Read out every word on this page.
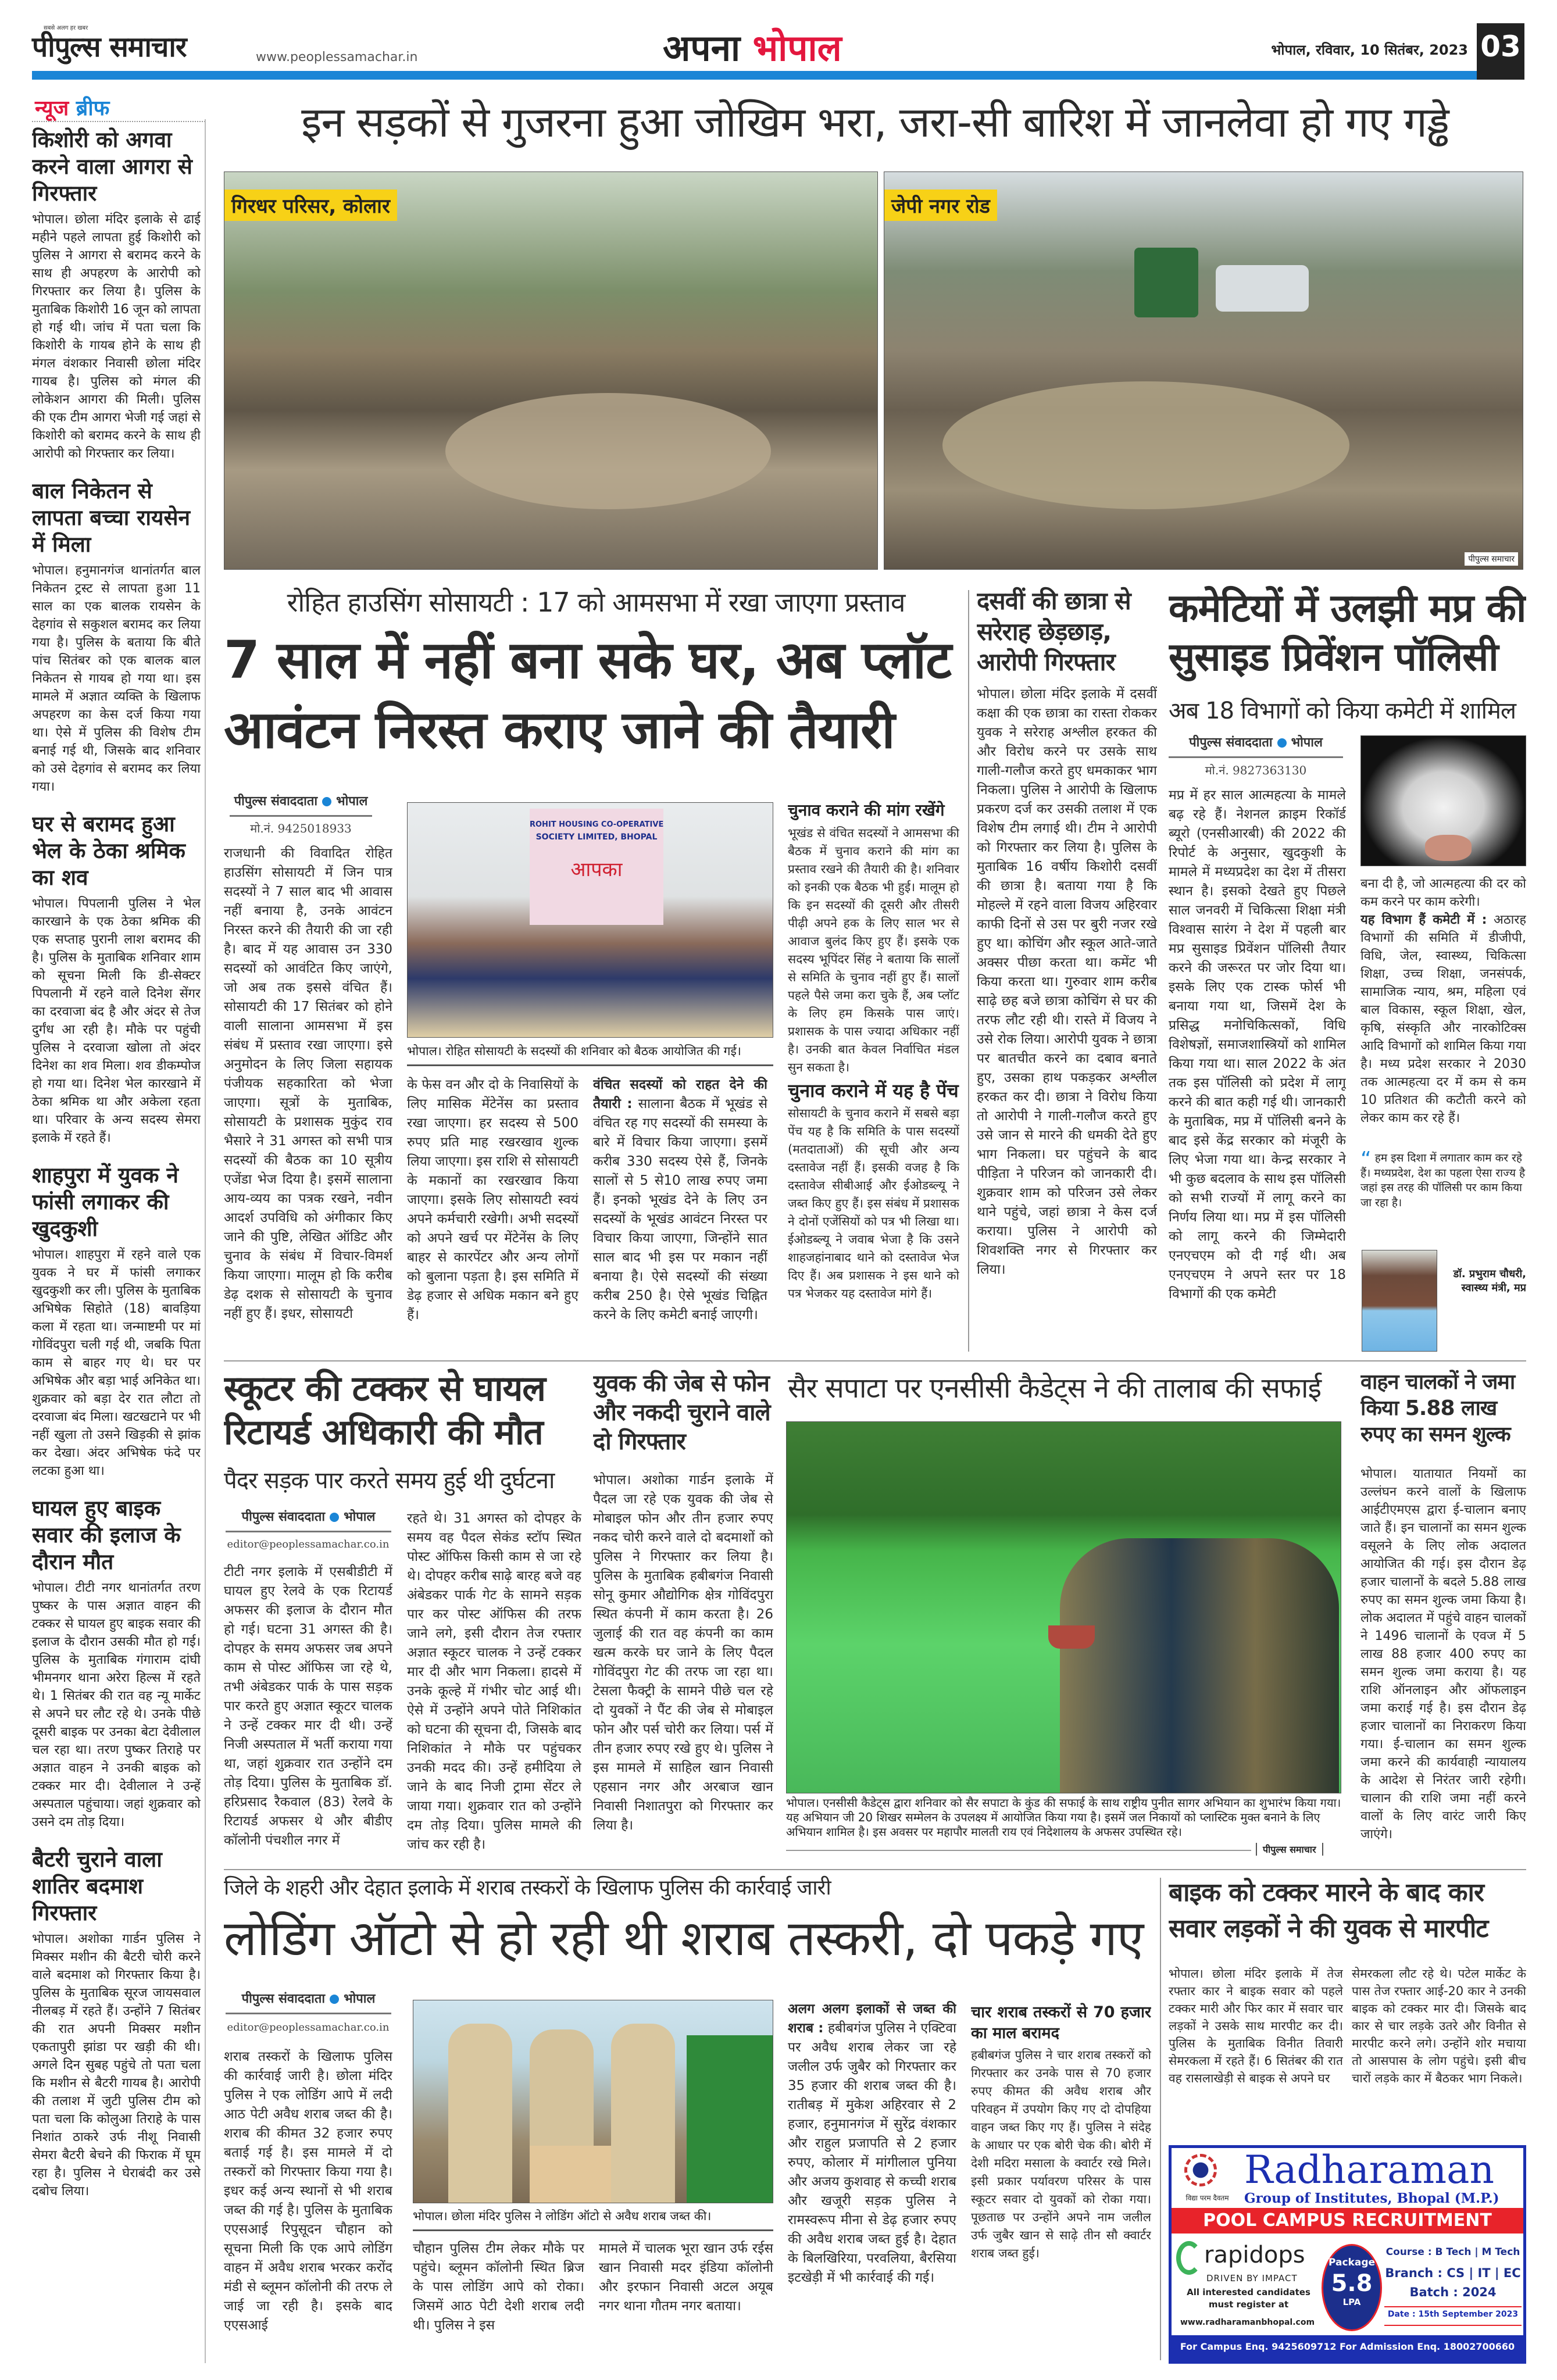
सबसे अलग हर खबर
पीपुल्स समाचार	www.peoplessamachar.in	अपना भोपाल	भोपाल, रविवार, 10 सितंबर, 2023 03
न्यूज ब्रीफ
किशोरी को अगवा करने वाला आगरा से गिरफ्तार
भोपाल। छोला मंदिर इलाके से ढाई महीने पहले लापता हुई किशोरी को पुलिस ने आगरा से बरामद करने के साथ ही अपहरण के आरोपी को गिरफ्तार कर लिया है। पुलिस के मुताबिक किशोरी 16 जून को लापता हो गई थी। जांच में पता चला कि किशोरी के गायब होने के साथ ही मंगल वंशकार निवासी छोला मंदिर गायब है। पुलिस को मंगल की लोकेशन आगरा की मिली। पुलिस की एक टीम आगरा भेजी गई जहां से किशोरी को बरामद करने के साथ ही आरोपी को गिरफ्तार कर लिया।
बाल निकेतन से लापता बच्चा रायसेन में मिला
भोपाल। हनुमानगंज थानांतर्गत बाल निकेतन ट्रस्ट से लापता हुआ 11 साल का एक बालक रायसेन के देहगांव से सकुशल बरामद कर लिया गया है। पुलिस के बताया कि बीते पांच सितंबर को एक बालक बाल निकेतन से गायब हो गया था। इस मामले में अज्ञात व्यक्ति के खिलाफ अपहरण का केस दर्ज किया गया था। ऐसे में पुलिस की विशेष टीम बनाई गई थी, जिसके बाद शनिवार को उसे देहगांव से बरामद कर लिया गया।
घर से बरामद हुआ भेल के ठेका श्रमिक का शव
भोपाल। पिपलानी पुलिस ने भेल कारखाने के एक ठेका श्रमिक की एक सप्ताह पुरानी लाश बरामद की है। पुलिस के मुताबिक शनिवार शाम को सूचना मिली कि डी-सेक्टर पिपलानी में रहने वाले दिनेश सेंगर का दरवाजा बंद है और अंदर से तेज दुर्गंध आ रही है। मौके पर पहुंची पुलिस ने दरवाजा खोला तो अंदर दिनेश का शव मिला। शव डीकम्पोज हो गया था। दिनेश भेल कारखाने में ठेका श्रमिक था और अकेला रहता था। परिवार के अन्य सदस्य सेमरा इलाके में रहते हैं।
शाहपुरा में युवक ने फांसी लगाकर की खुदकुशी
भोपाल। शाहपुरा में रहने वाले एक युवक ने घर में फांसी लगाकर खुदकुशी कर ली। पुलिस के मुताबिक अभिषेक सिहोते (18) बावड़िया कला में रहता था। जन्माष्टमी पर मां गोविंदपुरा चली गई थी, जबकि पिता काम से बाहर गए थे। घर पर अभिषेक और बड़ा भाई अनिकेत था। शुक्रवार को बड़ा देर रात लौटा तो दरवाजा बंद मिला। खटखटाने पर भी नहीं खुला तो उसने खिड़की से झांक कर देखा। अंदर अभिषेक फंदे पर लटका हुआ था।
घायल हुए बाइक सवार की इलाज के दौरान मौत
भोपाल। टीटी नगर थानांतर्गत तरण पुष्कर के पास अज्ञात वाहन की टक्कर से घायल हुए बाइक सवार की इलाज के दौरान उसकी मौत हो गई। पुलिस के मुताबिक गंगाराम दांघी भीमनगर थाना अरेरा हिल्स में रहते थे। 1 सितंबर की रात वह न्यू मार्केट से अपने घर लौट रहे थे। उनके पीछे दूसरी बाइक पर उनका बेटा देवीलाल चल रहा था। तरण पुष्कर तिराहे पर अज्ञात वाहन ने उनकी बाइक को टक्कर मार दी। देवीलाल ने उन्हें अस्पताल पहुंचाया। जहां शुक्रवार को उसने दम तोड़ दिया।
बैटरी चुराने वाला शातिर बदमाश गिरफ्तार
भोपाल। अशोका गार्डन पुलिस ने मिक्सर मशीन की बैटरी चोरी करने वाले बदमाश को गिरफ्तार किया है। पुलिस के मुताबिक सूरज जायसवाल नीलबड़ में रहते हैं। उन्होंने 7 सितंबर की रात अपनी मिक्सर मशीन एकतापुरी झांडा पर खड़ी की थी। अगले दिन सुबह पहुंचे तो पता चला कि मशीन से बैटरी गायब है। आरोपी की तलाश में जुटी पुलिस टीम को पता चला कि कोलुआ तिराहे के पास निशांत ठाकरे उर्फ नीशू निवासी सेमरा बैटरी बेचने की फिराक में घूम रहा है। पुलिस ने घेराबंदी कर उसे दबोच लिया।
इन सड़कों से गुजरना हुआ जोखिम भरा, जरा-सी बारिश में जानलेवा हो गए गड्ढे
गिरधर परिसर, कोलार	जेपी नगर रोड
पीपुल्स समाचार
रोहित हाउसिंग सोसायटी : 17 को आमसभा में रखा जाएगा प्रस्ताव
7 साल में नहीं बना सके घर, अब प्लॉट आवंटन निरस्त कराए जाने की तैयारी
पीपुल्स संवाददाता भोपाल
मो.नं. 9425018933
राजधानी की विवादित रोहित हाउसिंग सोसायटी में जिन पात्र सदस्यों ने 7 साल बाद भी आवास नहीं बनाया है, उनके आवंटन निरस्त करने की तैयारी की जा रही है। बाद में यह आवास उन 330 सदस्यों को आवंटित किए जाएंगे, जो अब तक इससे वंचित हैं। सोसायटी की 17 सितंबर को होने वाली सालाना आमसभा में इस संबंध में प्रस्ताव रखा जाएगा। इसे अनुमोदन के लिए जिला सहायक पंजीयक सहकारिता को भेजा जाएगा। सूत्रों के मुताबिक, सोसायटी के प्रशासक मुकुंद राव भैसारे ने 31 अगस्त को सभी पात्र सदस्यों की बैठक का 10 सूत्रीय एजेंडा भेज दिया है। इसमें सालाना आय-व्यय का पत्रक रखने, नवीन आदर्श उपविधि को अंगीकार किए जाने की पुष्टि, लेखित ऑडिट और चुनाव के संबंध में विचार-विमर्श किया जाएगा। मालूम हो कि करीब डेढ़ दशक से सोसायटी के चुनाव नहीं हुए हैं। इधर, सोसायटी
ROHIT HOUSING CO-OPERATIVE
SOCIETY LIMITED, BHOPAL
आपका
भोपाल। रोहित सोसायटी के सदस्यों की शनिवार को बैठक आयोजित की गई।
के फेस वन और दो के निवासियों के लिए मासिक मेंटेनेंस का प्रस्ताव रखा जाएगा। हर सदस्य से 500 रुपए प्रति माह रखरखाव शुल्क लिया जाएगा। इस राशि से सोसायटी के मकानों का रखरखाव किया जाएगा। इसके लिए सोसायटी स्वयं अपने कर्मचारी रखेगी। अभी सदस्यों को अपने खर्च पर मेंटेनेंस के लिए बाहर से कारपेंटर और अन्य लोगों को बुलाना पड़ता है। इस समिति में डेढ़ हजार से अधिक मकान बने हुए हैं।
वंचित सदस्यों को राहत देने की तैयारी : सालाना बैठक में भूखंड से वंचित रह गए सदस्यों की समस्या के बारे में विचार किया जाएगा। इसमें करीब 330 सदस्य ऐसे हैं, जिनके सालों से 5 से10 लाख रुपए जमा हैं। इनको भूखंड देने के लिए उन सदस्यों के भूखंड आवंटन निरस्त पर विचार किया जाएगा, जिन्होंने सात साल बाद भी इस पर मकान नहीं बनाया है। ऐसे सदस्यों की संख्या करीब 250 है। ऐसे भूखंड चिह्नित करने के लिए कमेटी बनाई जाएगी।
चुनाव कराने की मांग रखेंगे
भूखंड से वंचित सदस्यों ने आमसभा की बैठक में चुनाव कराने की मांग का प्रस्ताव रखने की तैयारी की है। शनिवार को इनकी एक बैठक भी हुई। मालूम हो कि इन सदस्यों की दूसरी और तीसरी पीढ़ी अपने हक के लिए साल भर से आवाज बुलंद किए हुए हैं। इसके एक सदस्य भूपिंदर सिंह ने बताया कि सालों से समिति के चुनाव नहीं हुए हैं। सालों पहले पैसे जमा करा चुके हैं, अब प्लॉट के लिए हम किसके पास जाएं। प्रशासक के पास ज्यादा अधिकार नहीं है। उनकी बात केवल निर्वाचित मंडल सुन सकता है।
चुनाव कराने में यह है पेंच
सोसायटी के चुनाव कराने में सबसे बड़ा पेंच यह है कि समिति के पास सदस्यों (मतदाताओं) की सूची और अन्य दस्तावेज नहीं हैं। इसकी वजह है कि दस्तावेज सीबीआई और ईओडब्ल्यू ने जब्त किए हुए हैं। इस संबंध में प्रशासक ने दोनों एजेंसियों को पत्र भी लिखा था। ईओडब्ल्यू ने जवाब भेजा है कि उसने शाहजहांनाबाद थाने को दस्तावेज भेज दिए हैं। अब प्रशासक ने इस थाने को पत्र भेजकर यह दस्तावेज मांगे हैं।
दसवीं की छात्रा से सरेराह छेड़छाड़, आरोपी गिरफ्तार
भोपाल। छोला मंदिर इलाके में दसवीं कक्षा की एक छात्रा का रास्ता रोककर युवक ने सरेराह अश्लील हरकत की और विरोध करने पर उसके साथ गाली-गलौज करते हुए धमकाकर भाग निकला। पुलिस ने आरोपी के खिलाफ प्रकरण दर्ज कर उसकी तलाश में एक विशेष टीम लगाई थी। टीम ने आरोपी को गिरफ्तार कर लिया है। पुलिस के मुताबिक 16 वर्षीय किशोरी दसवीं की छात्रा है। बताया गया है कि मोहल्ले में रहने वाला विजय अहिरवार काफी दिनों से उस पर बुरी नजर रखे हुए था। कोचिंग और स्कूल आते-जाते अक्सर पीछा करता था। कमेंट भी किया करता था। गुरुवार शाम करीब साढ़े छह बजे छात्रा कोचिंग से घर की तरफ लौट रही थी। रास्ते में विजय ने उसे रोक लिया। आरोपी युवक ने छात्रा पर बातचीत करने का दबाव बनाते हुए, उसका हाथ पकड़कर अश्लील हरकत कर दी। छात्रा ने विरोध किया तो आरोपी ने गाली-गलौज करते हुए उसे जान से मारने की धमकी देते हुए भाग निकला। घर पहुंचने के बाद पीड़िता ने परिजन को जानकारी दी। शुक्रवार शाम को परिजन उसे लेकर थाने पहुंचे, जहां छात्रा ने केस दर्ज कराया। पुलिस ने आरोपी को शिवशक्ति नगर से गिरफ्तार कर लिया।
कमेटियों में उलझी मप्र की सुसाइड प्रिवेंशन पॉलिसी
अब 18 विभागों को किया कमेटी में शामिल
पीपुल्स संवाददाता भोपाल
मो.नं. 9827363130
मप्र में हर साल आत्महत्या के मामले बढ़ रहे हैं। नेशनल क्राइम रिकॉर्ड ब्यूरो (एनसीआरबी) की 2022 की रिपोर्ट के अनुसार, खुदकुशी के मामले में मध्यप्रदेश का देश में तीसरा स्थान है। इसको देखते हुए पिछले साल जनवरी में चिकित्सा शिक्षा मंत्री विश्वास सारंग ने देश में पहली बार मप्र सुसाइड प्रिवेंशन पॉलिसी तैयार करने की जरूरत पर जोर दिया था। इसके लिए एक टास्क फोर्स भी बनाया गया था, जिसमें देश के प्रसिद्ध मनोचिकित्सकों, विधि विशेषज्ञों, समाजशास्त्रियों को शामिल किया गया था। साल 2022 के अंत तक इस पॉलिसी को प्रदेश में लागू करने की बात कही गई थी। जानकारी के मुताबिक, मप्र में पॉलिसी बनने के बाद इसे केंद्र सरकार को मंजूरी के लिए भेजा गया था। केन्द्र सरकार ने भी कुछ बदलाव के साथ इस पॉलिसी को सभी राज्यों में लागू करने का निर्णय लिया था। मप्र में इस पॉलिसी को लागू करने की जिम्मेदारी एनएचएम को दी गई थी। अब एनएचएम ने अपने स्तर पर 18 विभागों की एक कमेटी
बना दी है, जो आत्महत्या की दर को कम करने पर काम करेगी।
यह विभाग हैं कमेटी में : अठारह विभागों की समिति में डीजीपी, विधि, जेल, स्वास्थ्य, चिकित्सा शिक्षा, उच्च शिक्षा, जनसंपर्क, सामाजिक न्याय, श्रम, महिला एवं बाल विकास, स्कूल शिक्षा, खेल, कृषि, संस्कृति और नारकोटिक्स आदि विभागों को शामिल किया गया है। मध्य प्रदेश सरकार ने 2030 तक आत्महत्या दर में कम से कम 10 प्रतिशत की कटौती करने को लेकर काम कर रहे हैं।
“ हम इस दिशा में लगातार काम कर रहे हैं। मध्यप्रदेश, देश का पहला ऐसा राज्य है जहां इस तरह की पॉलिसी पर काम किया जा रहा है।
डॉ. प्रभुराम चौधरी, स्वास्थ्य मंत्री, मप्र
स्कूटर की टक्कर से घायल रिटायर्ड अधिकारी की मौत
पैदर सड़क पार करते समय हुई थी दुर्घटना
पीपुल्स संवाददाता भोपाल
editor@peoplessamachar.co.in
टीटी नगर इलाके में एसबीडीटी में घायल हुए रेलवे के एक रिटायर्ड अफसर की इलाज के दौरान मौत हो गई। घटना 31 अगस्त की है। दोपहर के समय अफसर जब अपने काम से पोस्ट ऑफिस जा रहे थे, तभी अंबेडकर पार्क के पास सड़क पार करते हुए अज्ञात स्कूटर चालक ने उन्हें टक्कर मार दी थी। उन्हें निजी अस्पताल में भर्ती कराया गया था, जहां शुक्रवार रात उन्होंने दम तोड़ दिया। पुलिस के मुताबिक डॉ. हरिप्रसाद रैकवाल (83) रेलवे के रिटायर्ड अफसर थे और बीडीए कॉलोनी पंचशील नगर में
रहते थे। 31 अगस्त को दोपहर के समय वह पैदल सेकंड स्टॉप स्थित पोस्ट ऑफिस किसी काम से जा रहे थे। दोपहर करीब साढ़े बारह बजे वह अंबेडकर पार्क गेट के सामने सड़क पार कर पोस्ट ऑफिस की तरफ जाने लगे, इसी दौरान तेज रफ्तार अज्ञात स्कूटर चालक ने उन्हें टक्कर मार दी और भाग निकला। हादसे में उनके कूल्हे में गंभीर चोट आई थी। ऐसे में उन्होंने अपने पोते निशिकांत को घटना की सूचना दी, जिसके बाद निशिकांत ने मौके पर पहुंचकर उनकी मदद की। उन्हें हमीदिया ले जाने के बाद निजी ट्रामा सेंटर ले जाया गया। शुक्रवार रात को उन्होंने दम तोड़ दिया। पुलिस मामले की जांच कर रही है।
युवक की जेब से फोन और नकदी चुराने वाले दो गिरफ्तार
भोपाल। अशोका गार्डन इलाके में पैदल जा रहे एक युवक की जेब से मोबाइल फोन और तीन हजार रुपए नकद चोरी करने वाले दो बदमाशों को पुलिस ने गिरफ्तार कर लिया है। पुलिस के मुताबिक हबीबगंज निवासी सोनू कुमार औद्योगिक क्षेत्र गोविंदपुरा स्थित कंपनी में काम करता है। 26 जुलाई की रात वह कंपनी का काम खत्म करके घर जाने के लिए पैदल गोविंदपुरा गेट की तरफ जा रहा था। टेसला फैक्ट्री के सामने पीछे चल रहे दो युवकों ने पैंट की जेब से मोबाइल फोन और पर्स चोरी कर लिया। पर्स में तीन हजार रुपए रखे हुए थे। पुलिस ने इस मामले में साहिल खान निवासी एहसान नगर और अरबाज खान निवासी निशातपुरा को गिरफ्तार कर लिया है।
सैर सपाटा पर एनसीसी कैडेट्स ने की तालाब की सफाई
भोपाल। एनसीसी कैडेट्स द्वारा शनिवार को सैर सपाटा के कुंड की सफाई के साथ राष्ट्रीय पुनीत सागर अभियान का शुभारंभ किया गया। यह अभियान जी 20 शिखर सम्मेलन के उपलक्ष्य में आयोजित किया गया है। इसमें जल निकायों को प्लास्टिक मुक्त बनाने के लिए अभियान शामिल है। इस अवसर पर महापौर मालती राय एवं निदेशालय के अफसर उपस्थित रहे।
पीपुल्स समाचार
वाहन चालकों ने जमा किया 5.88 लाख रुपए का समन शुल्क
भोपाल। यातायात नियमों का उल्लंघन करने वालों के खिलाफ आईटीएमएस द्वारा ई-चालान बनाए जाते हैं। इन चालानों का समन शुल्क वसूलने के लिए लोक अदालत आयोजित की गई। इस दौरान डेढ़ हजार चालानों के बदले 5.88 लाख रुपए का समन शुल्क जमा किया है। लोक अदालत में पहुंचे वाहन चालकों ने 1496 चालानों के एवज में 5 लाख 88 हजार 400 रुपए का समन शुल्क जमा कराया है। यह राशि ऑनलाइन और ऑफलाइन जमा कराई गई है। इस दौरान डेढ़ हजार चालानों का निराकरण किया गया। ई-चालान का समन शुल्क जमा करने की कार्यवाही न्यायालय के आदेश से निरंतर जारी रहेगी। चालान की राशि जमा नहीं करने वालों के लिए वारंट जारी किए जाएंगे।
जिले के शहरी और देहात इलाके में शराब तस्करों के खिलाफ पुलिस की कार्रवाई जारी
लोडिंग ऑटो से हो रही थी शराब तस्करी, दो पकड़े गए
पीपुल्स संवाददाता भोपाल
editor@peoplessamachar.co.in
शराब तस्करों के खिलाफ पुलिस की कार्रवाई जारी है। छोला मंदिर पुलिस ने एक लोडिंग आपे में लदी आठ पेटी अवैध शराब जब्त की है। शराब की कीमत 32 हजार रुपए बताई गई है। इस मामले में दो तस्करों को गिरफ्तार किया गया है। इधर कई अन्य स्थानों से भी शराब जब्त की गई है। पुलिस के मुताबिक एएसआई रिपुसूदन चौहान को सूचना मिली कि एक आपे लोडिंग वाहन में अवैध शराब भरकर करोंद मंडी से ब्लूमन कॉलोनी की तरफ ले जाई जा रही है। इसके बाद एएसआई
भोपाल। छोला मंदिर पुलिस ने लोडिंग ऑटो से अवैध शराब जब्त की।
चौहान पुलिस टीम लेकर मौके पर पहुंचे। ब्लूमन कॉलोनी स्थित ब्रिज के पास लोडिंग आपे को रोका। जिसमें आठ पेटी देशी शराब लदी थी। पुलिस ने इस
मामले में चालक भूरा खान उर्फ रईस खान निवासी मदर इंडिया कॉलोनी और इरफान निवासी अटल अयूब नगर थाना गौतम नगर बताया।
अलग अलग इलाकों से जब्त की शराब : हबीबगंज पुलिस ने एक्टिवा पर अवैध शराब लेकर जा रहे जलील उर्फ जुबैर को गिरफ्तार कर 35 हजार की शराब जब्त की है। रातीबड़ में मुकेश अहिरवार से 2 हजार, हनुमानगंज में सुरेंद्र वंशकार और राहुल प्रजापति से 2 हजार रुपए, कोलार में मांगीलाल पुनिया और अजय कुशवाह से कच्ची शराब और खजूरी सड़क पुलिस ने रामस्वरूप मीना से डेढ़ हजार रुपए की अवैध शराब जब्त हुई है। देहात के बिलखिरिया, परवलिया, बैरसिया इटखेड़ी में भी कार्रवाई की गई।
चार शराब तस्करों से 70 हजार का माल बरामद
हबीबगंज पुलिस ने चार शराब तस्करों को गिरफ्तार कर उनके पास से 70 हजार रुपए कीमत की अवैध शराब और परिवहन में उपयोग किए गए दो दोपहिया वाहन जब्त किए गए हैं। पुलिस ने संदेह के आधार पर एक बोरी चेक की। बोरी में देशी मदिरा मसाला के क्वार्टर रखे मिले। इसी प्रकार पर्यावरण परिसर के पास स्कूटर सवार दो युवकों को रोका गया। पूछताछ पर उन्होंने अपने नाम जलील उर्फ जुबैर खान से साढ़े तीन सौ क्वार्टर शराब जब्त हुई।
बाइक को टक्कर मारने के बाद कार सवार लड़कों ने की युवक से मारपीट
भोपाल। छोला मंदिर इलाके में तेज रफ्तार कार ने बाइक सवार को पहले टक्कर मारी और फिर कार में सवार चार लड़कों ने उसके साथ मारपीट कर दी। पुलिस के मुताबिक विनीत तिवारी सेमरकला में रहते हैं। 6 सितंबर की रात वह रासलाखेड़ी से बाइक से अपने घर
सेमरकला लौट रहे थे। पटेल मार्केट के पास तेज रफ्तार आई-20 कार ने उनकी बाइक को टक्कर मार दी। जिसके बाद कार से चार लड़के उतरे और विनीत से मारपीट करने लगे। उन्होंने शोर मचाया तो आसपास के लोग पहुंचे। इसी बीच चारों लड़के कार में बैठकर भाग निकले।
विद्या परम दैवतम
Radharaman
Group of Institutes, Bhopal (M.P.)
POOL CAMPUS RECRUITMENT
rapidops
DRIVEN BY IMPACT
All interested candidates must register at
www.radharamanbhopal.com
Package
5.8
LPA
Course : B Tech | M Tech
Branch : CS | IT | EC
Batch : 2024
Date : 15th September 2023
For Campus Enq. 9425609712 For Admission Enq. 18002700660
